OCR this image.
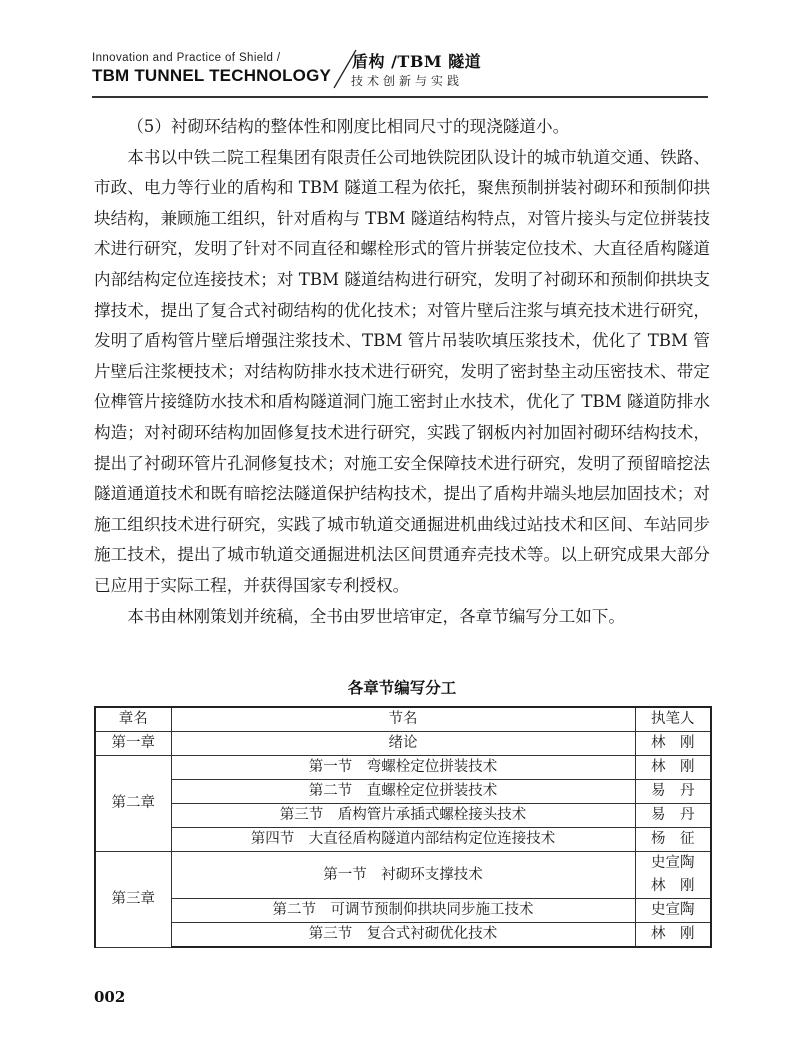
Innovation and Practice of Shield /
TBM TUNNEL TECHNOLOGY
盾构 /TBM 隧道
技术创新与实践

（5）衬砌环结构的整体性和刚度比相同尺寸的现浇隧道小。

本书以中铁二院工程集团有限责任公司地铁院团队设计的城市轨道交通、铁路、市政、电力等行业的盾构和 TBM 隧道工程为依托，聚焦预制拼装衬砌环和预制仰拱块结构，兼顾施工组织，针对盾构与 TBM 隧道结构特点，对管片接头与定位拼装技术进行研究，发明了针对不同直径和螺栓形式的管片拼装定位技术、大直径盾构隧道内部结构定位连接技术；对 TBM 隧道结构进行研究，发明了衬砌环和预制仰拱块支撑技术，提出了复合式衬砌结构的优化技术；对管片壁后注浆与填充技术进行研究，发明了盾构管片壁后增强注浆技术、TBM 管片吊装吹填压浆技术，优化了 TBM 管片壁后注浆梗技术；对结构防排水技术进行研究，发明了密封垫主动压密技术、带定位榫管片接缝防水技术和盾构隧道洞门施工密封止水技术，优化了 TBM 隧道防排水构造；对衬砌环结构加固修复技术进行研究，实践了钢板内衬加固衬砌环结构技术，提出了衬砌环管片孔洞修复技术；对施工安全保障技术进行研究，发明了预留暗挖法隧道通道技术和既有暗挖法隧道保护结构技术，提出了盾构井端头地层加固技术；对施工组织技术进行研究，实践了城市轨道交通掘进机曲线过站技术和区间、车站同步施工技术，提出了城市轨道交通掘进机法区间贯通弃壳技术等。以上研究成果大部分已应用于实际工程，并获得国家专利授权。

本书由林刚策划并统稿，全书由罗世培审定，各章节编写分工如下。

各章节编写分工
章名	节名	执笔人
第一章	绪论	林　刚
第二章	第一节　弯螺栓定位拼装技术	林　刚
	第二节　直螺栓定位拼装技术	易　丹
	第三节　盾构管片承插式螺栓接头技术	易　丹
	第四节　大直径盾构隧道内部结构定位连接技术	杨　征
第三章	第一节　衬砌环支撑技术	史宣陶
林　刚

	第二节　可调节预制仰拱块同步施工技术	史宣陶
	第三节　复合式衬砌优化技术	林　刚
002
